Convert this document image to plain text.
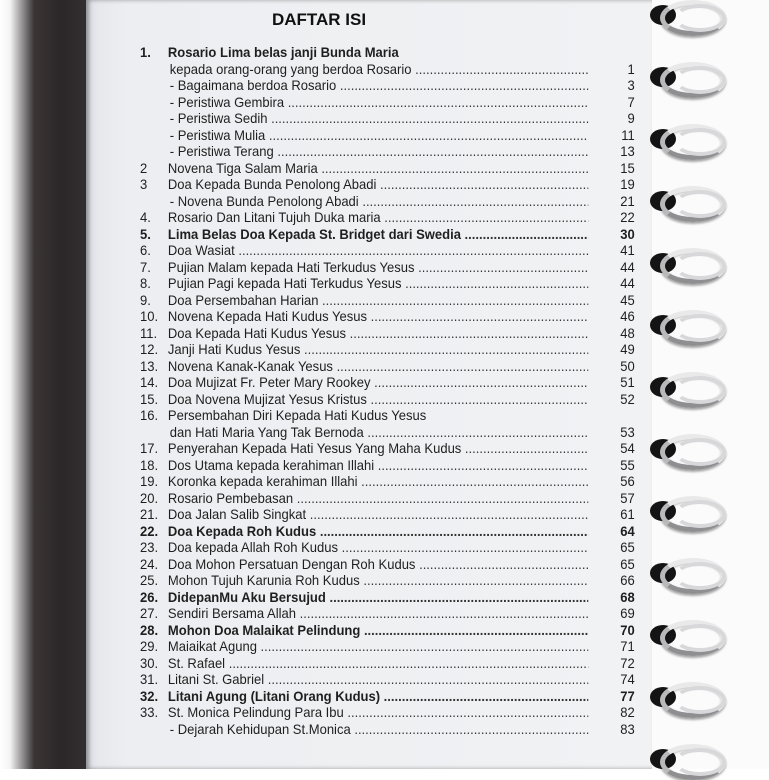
DAFTAR ISI
1.	Rosario Lima belas janji Bunda Maria
kepada orang-orang yang berdoa Rosario .....	1
- Bagaimana berdoa Rosario .....	3
- Peristiwa Gembira .....	7
- Peristiwa Sedih .....	9
- Peristiwa Mulia .....	11
- Peristiwa Terang .....	13
2	Novena Tiga Salam Maria .....	15
3	Doa Kepada Bunda Penolong Abadi .....	19
- Novena Bunda Penolong Abadi .....	21
4.	Rosario Dan Litani Tujuh Duka maria .....	22
5.	Lima Belas Doa Kepada St. Bridget dari Swedia .....	30
6.	Doa Wasiat .....	41
7.	Pujian Malam kepada Hati Terkudus Yesus .....	44
8.	Pujian Pagi kepada Hati Terkudus Yesus .....	44
9.	Doa Persembahan Harian .....	45
10. Novena Kepada Hati Kudus Yesus .....	46
11. Doa Kepada Hati Kudus Yesus .....	48
12. Janji Hati Kudus Yesus .....	49
13. Novena Kanak-Kanak Yesus .....	50
14. Doa Mujizat Fr. Peter Mary Rookey .....	51
15. Doa Novena Mujizat Yesus Kristus .....	52
16. Persembahan Diri Kepada Hati Kudus Yesus
dan Hati Maria Yang Tak Bernoda .....	53
17. Penyerahan Kepada Hati Yesus Yang Maha Kudus .....	54
18. Dos Utama kepada kerahiman Illahi .....	55
19. Koronka kepada kerahiman Illahi .....	56
20. Rosario Pembebasan .....	57
21. Doa Jalan Salib Singkat .....	61
22. Doa Kepada Roh Kudus .....	64
23. Doa kepada Allah Roh Kudus .....	65
24. Doa Mohon Persatuan Dengan Roh Kudus .....	65
25. Mohon Tujuh Karunia Roh Kudus .....	66
26. DidepanMu Aku Bersujud .....	68
27. Sendiri Bersama Allah .....	69
28. Mohon Doa Malaikat Pelindung .....	70
29. Maiaikat Agung .....	71
30. St. Rafael .....	72
31. Litani St. Gabriel .....	74
32. Litani Agung (Litani Orang Kudus) .....	77
33. St. Monica Pelindung Para Ibu .....	82
- Dejarah Kehidupan St.Monica .....	83
